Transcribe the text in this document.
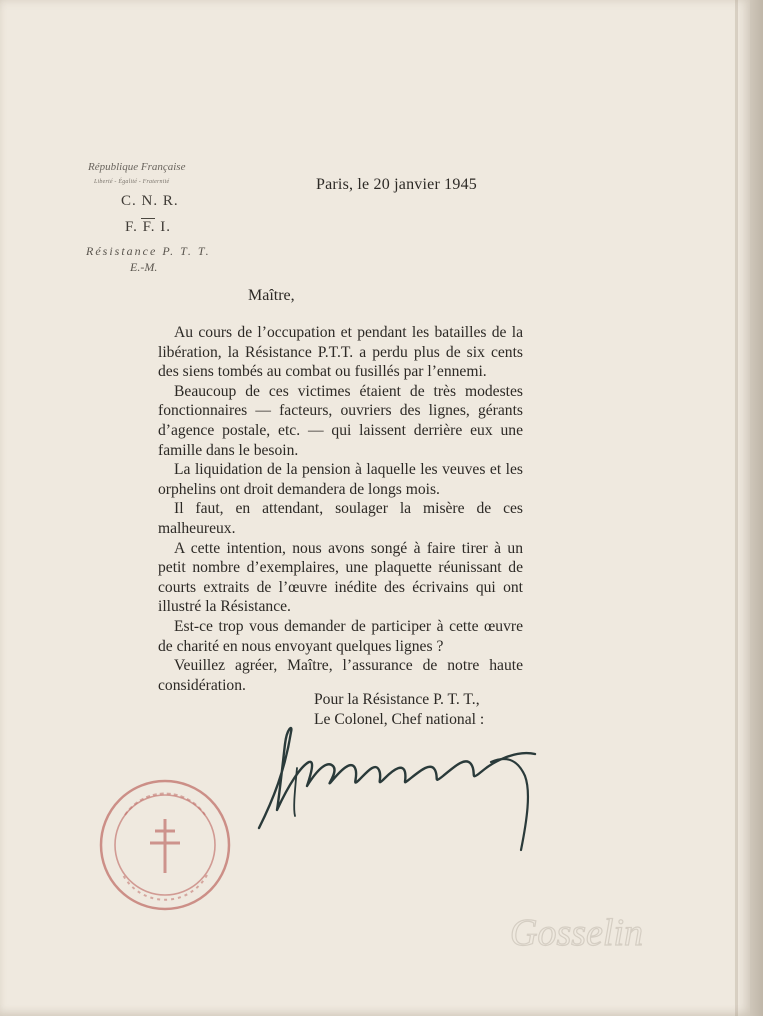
République Française
Liberté - Égalité - Fraternité
C. N. R.
F. F. I.
Résistance P. T. T.
E.-M.
Paris, le 20 janvier 1945
Maître,

Au cours de l’occupation et pendant les batailles de la libération, la Résistance P.T.T. a perdu plus de six cents des siens tombés au combat ou fusillés par l’ennemi.

Beaucoup de ces victimes étaient de très modestes fonctionnaires — facteurs, ouvriers des lignes, gérants d’agence postale, etc. — qui laissent derrière eux une famille dans le besoin.

La liquidation de la pension à laquelle les veuves et les orphelins ont droit demandera de longs mois.

Il faut, en attendant, soulager la misère de ces malheureux.

A cette intention, nous avons songé à faire tirer à un petit nombre d’exemplaires, une plaquette réunissant de courts extraits de l’œuvre inédite des écrivains qui ont illustré la Résistance.

Est-ce trop vous demander de participer à cette œuvre de charité en nous envoyant quelques lignes ?

Veuillez agréer, Maître, l’assurance de notre haute considération.

Pour la Résistance P. T. T.,
Le Colonel, Chef national :
Gosselin
